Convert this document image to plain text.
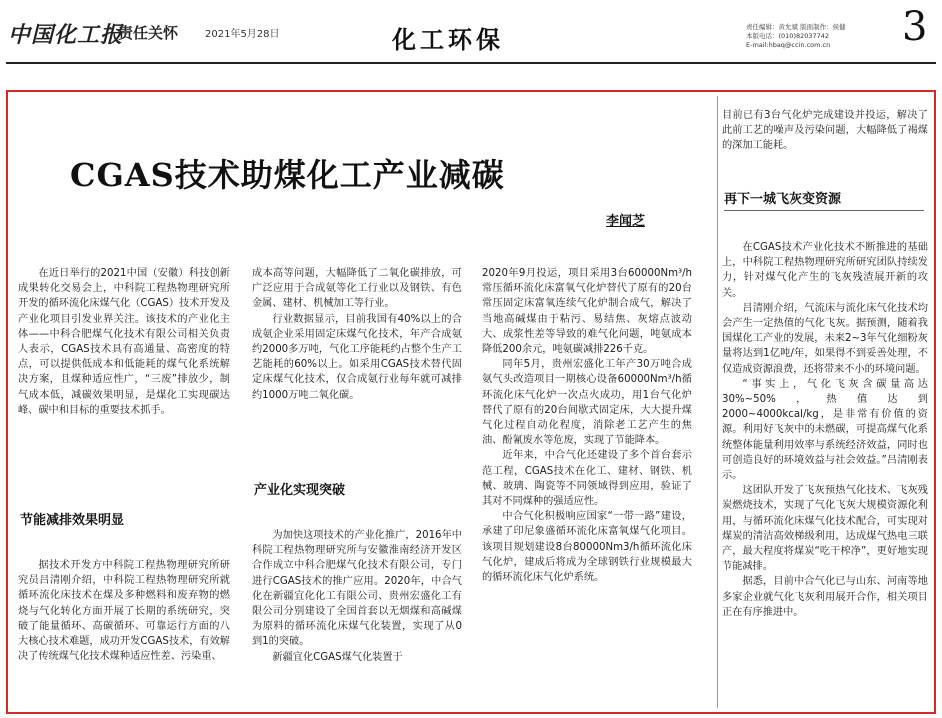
中国化工报
责任关怀	2021年5月28日	化工环保	责任编辑：黄允斌 版面制作：侯健
本版电话：(010)82037742
E-mail:hbaq@ccin.com.cn	3
CGAS技术助煤化工产业减碳
李闻芝

在近日举行的2021中国（安徽）科技创新成果转化交易会上，中科院工程热物理研究所开发的循环流化床煤气化（CGAS）技术开发及产业化项目引发业界关注。该技术的产业化主体——中科合肥煤气化技术有限公司相关负责人表示，CGAS技术具有高通量、高密度的特点，可以提供低成本和低能耗的煤气化系统解决方案，且煤种适应性广，“三废”排放少，制气成本低，减碳效果明显，是煤化工实现碳达峰、碳中和目标的重要技术抓手。

节能减排效果明显

据技术开发方中科院工程热物理研究所研究员吕清刚介绍，中科院工程热物理研究所就循环流化床技术在煤及多种燃料和废弃物的燃烧与气化转化方面开展了长期的系统研究，突破了能量循环、高碳循环、可靠运行方面的八大核心技术难题，成功开发CGAS技术，有效解决了传统煤气化技术煤种适应性差、污染重、

成本高等问题，大幅降低了二氧化碳排放，可广泛应用于合成氨等化工行业以及钢铁、有色金属、建材、机械加工等行业。

行业数据显示，目前我国有40%以上的合成氨企业采用固定床煤气化技术，年产合成氨约2000多万吨，气化工序能耗约占整个生产工艺能耗的60%以上。如采用CGAS技术替代固定床煤气化技术，仅合成氨行业每年就可减排约1000万吨二氧化碳。

产业化实现突破

为加快这项技术的产业化推广，2016年中科院工程热物理研究所与安徽淮南经济开发区合作成立中科合肥煤气化技术有限公司，专门进行CGAS技术的推广应用。2020年，中合气化在新疆宜化化工有限公司、贵州宏盛化工有限公司分别建设了全国首套以无烟煤和高碱煤为原料的循环流化床煤气化装置，实现了从0到1的突破。

新疆宜化CGAS煤气化装置于

2020年9月投运，项目采用3台60000Nm³/h常压循环流化床富氧气化炉替代了原有的20台常压固定床富氧连续气化炉制合成气，解决了当地高碱煤由于粘污、易结焦、灰熔点波动大、成浆性差等导致的难气化问题，吨氨成本降低200余元，吨氨碳减排226千克。

同年5月，贵州宏盛化工年产30万吨合成氨气头改造项目一期核心设备60000Nm³/h循环流化床气化炉一次点火成功，用1台气化炉替代了原有的20台间歇式固定床，大大提升煤气化过程自动化程度，消除老工艺产生的焦油、酚氰废水等危废，实现了节能降本。

近年来，中合气化还建设了多个首台套示范工程，CGAS技术在化工、建材、钢铁、机械、玻璃、陶瓷等不同领域得到应用，验证了其对不同煤种的强适应性。

中合气化积极响应国家“一带一路”建设，承建了印尼象盛循环流化床富氧煤气化项目。该项目规划建设8台80000Nm3/h循环流化床气化炉，建成后将成为全球钢铁行业规模最大的循环流化床气化炉系统。

目前已有3台气化炉完成建设并投运，解决了此前工艺的噪声及污染问题，大幅降低了褐煤的深加工能耗。

再下一城飞灰变资源

在CGAS技术产业化技术不断推进的基础上，中科院工程热物理研究所研究团队持续发力，针对煤气化产生的飞灰残渣展开新的攻关。

吕清刚介绍，气流床与流化床气化技术均会产生一定热值的气化飞灰。据预测，随着我国煤化工产业的发展，未来2~3年气化细粉灰量将达到1亿吨/年，如果得不到妥善处理，不仅造成资源浪费，还将带来不小的环境问题。

“事实上，气化飞灰含碳量高达30%~50%，热值达到2000~4000kcal/kg，是非常有价值的资源。利用好飞灰中的未燃碳，可提高煤气化系统整体能量利用效率与系统经济效益，同时也可创造良好的环境效益与社会效益。”吕清刚表示。

这团队开发了飞灰预热气化技术、飞灰残炭燃烧技术，实现了气化飞灰大规模资源化利用，与循环流化床煤气化技术配合，可实现对煤炭的清洁高效梯级利用，达成煤气热电三联产，最大程度将煤炭“吃干榨净”，更好地实现节能减排。

据悉，目前中合气化已与山东、河南等地多家企业就气化飞灰利用展开合作，相关项目正在有序推进中。
